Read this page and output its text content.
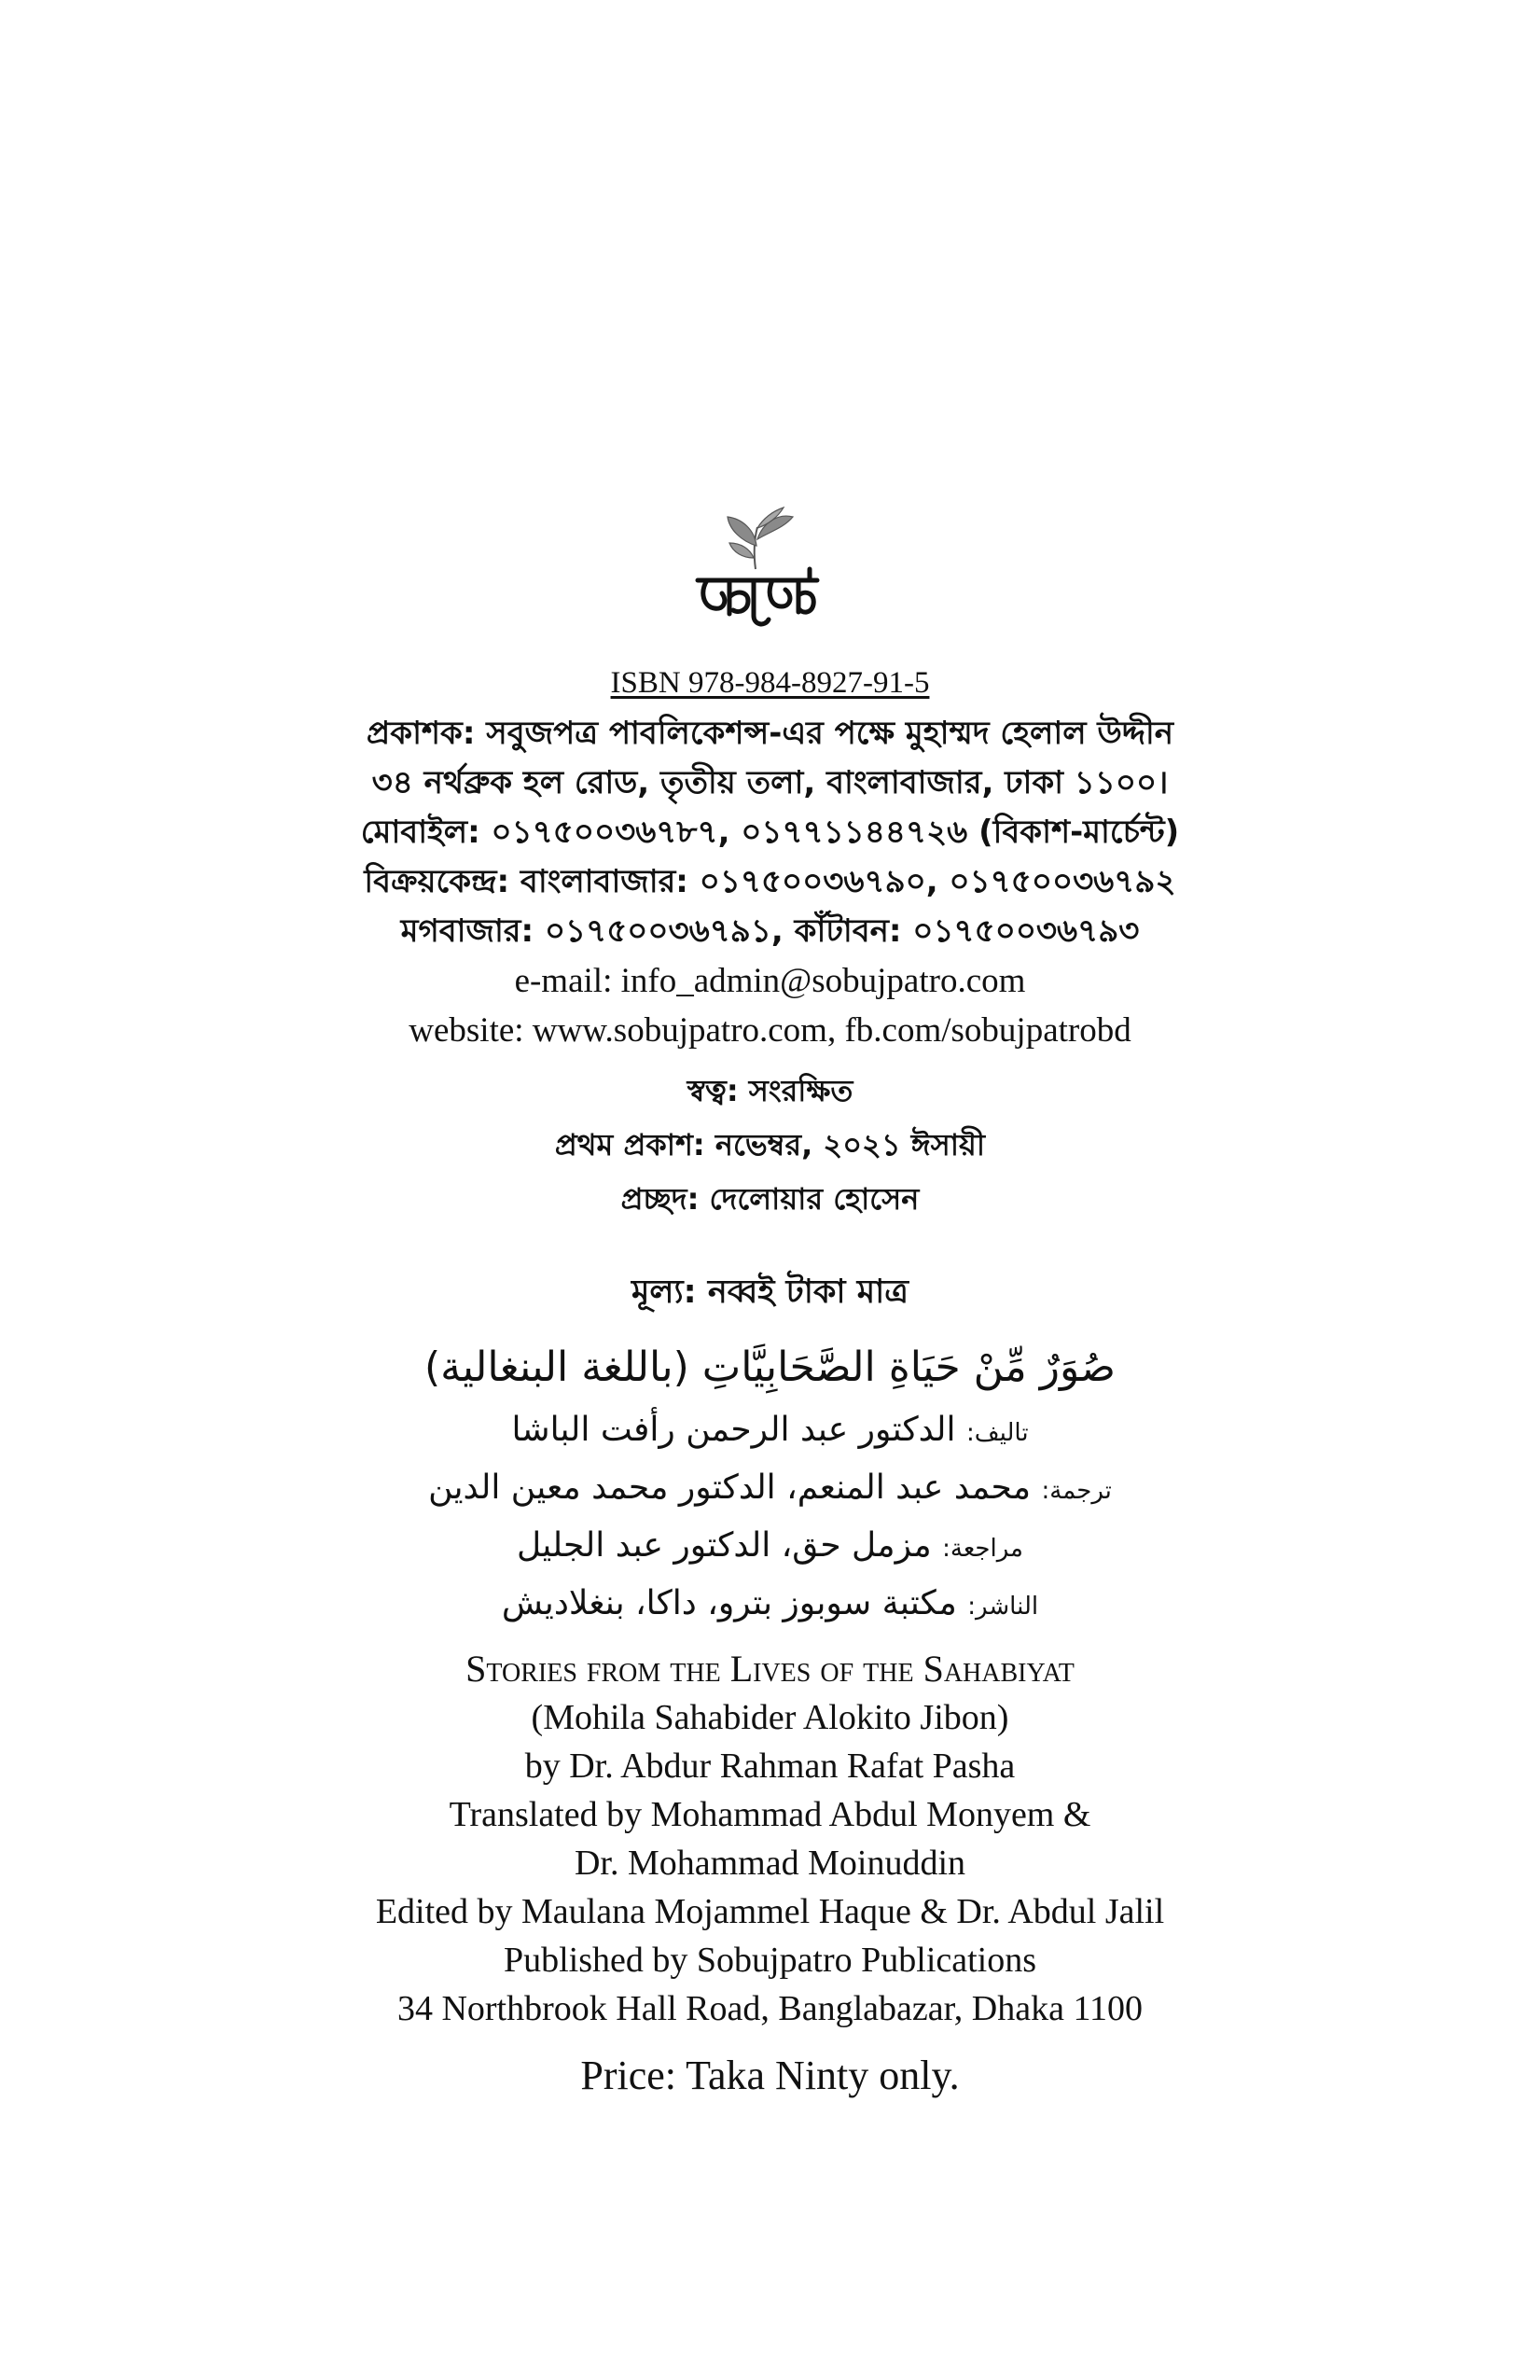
ISBN 978-984-8927-91-5
প্রকাশক: সবুজপত্র পাবলিকেশন্স-এর পক্ষে মুহাম্মদ হেলাল উদ্দীন
৩৪ নর্থব্রুক হল রোড, তৃতীয় তলা, বাংলাবাজার, ঢাকা ১১০০।
মোবাইল: ০১৭৫০০৩৬৭৮৭, ০১৭৭১১৪৪৭২৬ (বিকাশ-মার্চেন্ট)
বিক্রয়কেন্দ্র: বাংলাবাজার: ০১৭৫০০৩৬৭৯০, ০১৭৫০০৩৬৭৯২
মগবাজার: ০১৭৫০০৩৬৭৯১, কাঁটাবন: ০১৭৫০০৩৬৭৯৩
e-mail: info_admin@sobujpatro.com
website: www.sobujpatro.com, fb.com/sobujpatrobd
স্বত্ব: সংরক্ষিত
প্রথম প্রকাশ: নভেম্বর, ২০২১ ঈসায়ী
প্রচ্ছদ: দেলোয়ার হোসেন
মূল্য: নব্বই টাকা মাত্র
صُوَرٌ مِّنْ حَيَاةِ الصَّحَابِيَّاتِ (باللغة البنغالية)
تاليف: الدكتور عبد الرحمن رأفت الباشا
ترجمة: محمد عبد المنعم، الدكتور محمد معين الدين
مراجعة: مزمل حق، الدكتور عبد الجليل
الناشر: مكتبة سوبوز بترو، داكا، بنغلاديش
Stories from the Lives of the Sahabiyat
(Mohila Sahabider Alokito Jibon)
by Dr. Abdur Rahman Rafat Pasha
Translated by Mohammad Abdul Monyem &
Dr. Mohammad Moinuddin
Edited by Maulana Mojammel Haque & Dr. Abdul Jalil
Published by Sobujpatro Publications
34 Northbrook Hall Road, Banglabazar, Dhaka 1100
Price: Taka Ninty only.
